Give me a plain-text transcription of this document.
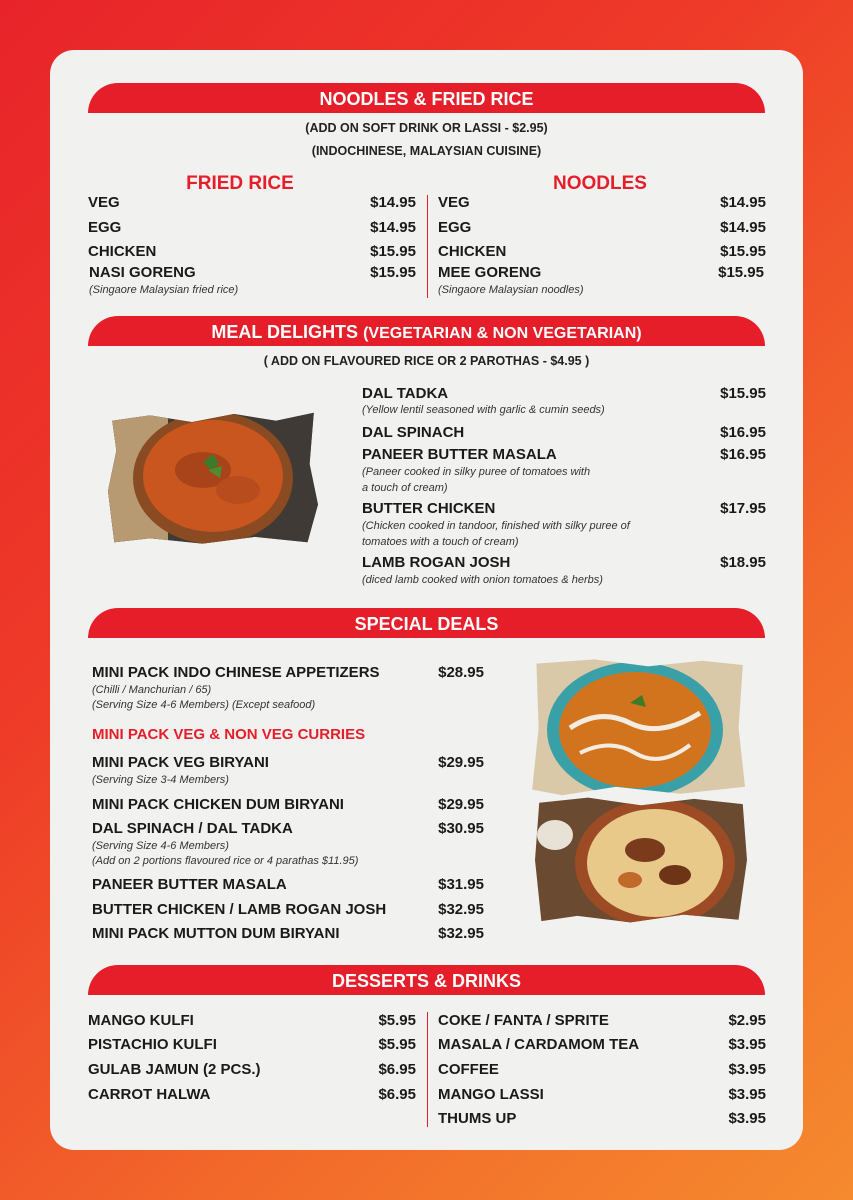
NOODLES & FRIED RICE
(ADD ON SOFT DRINK OR LASSI - $2.95)
(INDOCHINESE, MALAYSIAN CUISINE)
FRIED RICE	NOODLES
VEG	$14.95
EGG	$14.95
CHICKEN	$15.95
NASI GORENG	$15.95
(Singaore Malaysian fried rice)
VEG	$14.95
EGG	$14.95
CHICKEN	$15.95
MEE GORENG	$15.95
(Singaore Malaysian noodles)
MEAL DELIGHTS (VEGETARIAN & NON VEGETARIAN)
( ADD ON FLAVOURED RICE OR 2 PAROTHAS - $4.95 )
DAL TADKA	$15.95
(Yellow lentil seasoned with garlic & cumin seeds)
DAL SPINACH	$16.95
PANEER BUTTER MASALA	$16.95
(Paneer cooked in silky puree of tomatoes with
a touch of cream)
BUTTER CHICKEN	$17.95
(Chicken cooked in tandoor, finished with silky puree of
tomatoes with a touch of cream)
LAMB ROGAN JOSH	$18.95
(diced lamb cooked with onion tomatoes & herbs)
SPECIAL DEALS
MINI PACK INDO CHINESE APPETIZERS	$28.95
(Chilli / Manchurian / 65)
(Serving Size 4-6 Members) (Except seafood)
MINI PACK VEG & NON VEG CURRIES
MINI PACK VEG BIRYANI	$29.95
(Serving Size 3-4 Members)
MINI PACK CHICKEN DUM BIRYANI	$29.95
DAL SPINACH / DAL TADKA	$30.95
(Serving Size 4-6 Members)
(Add on 2 portions flavoured rice or 4 parathas $11.95)
PANEER BUTTER MASALA	$31.95
BUTTER CHICKEN / LAMB ROGAN JOSH	$32.95
MINI PACK MUTTON DUM BIRYANI	$32.95
DESSERTS & DRINKS
MANGO KULFI	$5.95
PISTACHIO KULFI	$5.95
GULAB JAMUN (2 PCS.)	$6.95
CARROT HALWA	$6.95
COKE / FANTA / SPRITE	$2.95
MASALA / CARDAMOM TEA	$3.95
COFFEE	$3.95
MANGO LASSI	$3.95
THUMS UP	$3.95
